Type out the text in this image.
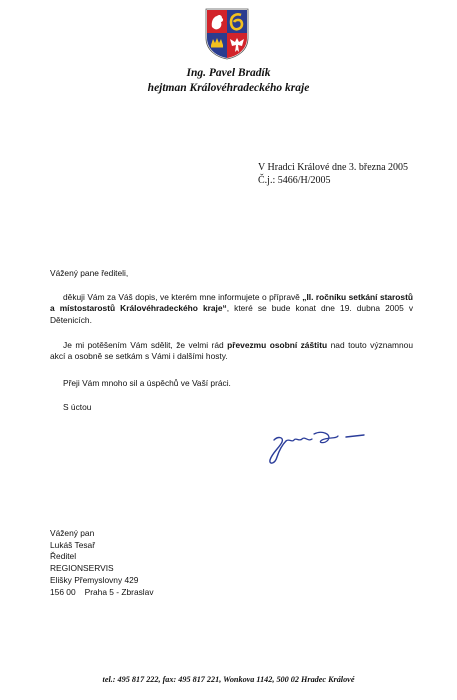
Ing. Pavel Bradík
hejtman Královéhradeckého kraje
V Hradci Králové dne 3. března 2005
Č.j.: 5466/H/2005
Vážený pane řediteli,
děkuji Vám za Váš dopis, ve kterém mne informujete o přípravě „II. ročníku setkání starostů a místostarostů Královéhradeckého kraje“, které se bude konat dne 19. dubna 2005 v Dětenicích.
Je mi potěšením Vám sdělit, že velmi rád převezmu osobní záštitu nad touto významnou akcí a osobně se setkám s Vámi i dalšími hosty.
Přeji Vám mnoho sil a úspěchů ve Vaší práci.
S úctou
Vážený pan
Lukáš Tesař
Ředitel
REGIONSERVIS
Elišky Přemyslovny 429
156 00 Praha 5 - Zbraslav
tel.: 495 817 222, fax: 495 817 221, Wonkova 1142, 500 02 Hradec Králové
